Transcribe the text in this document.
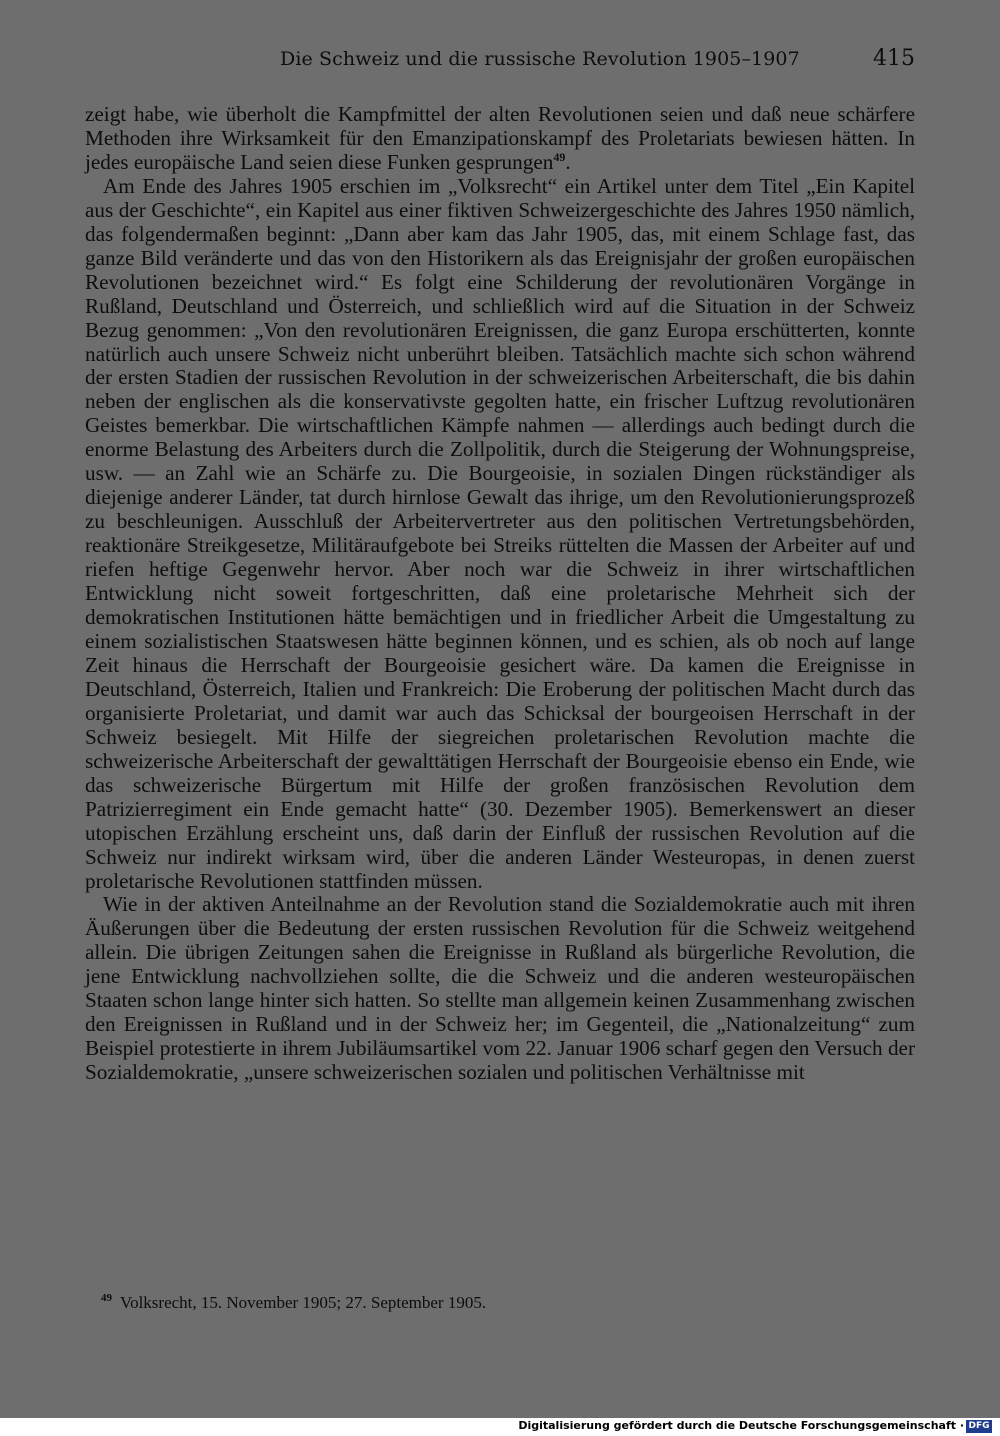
Die Schweiz und die russische Revolution 1905–1907	415

zeigt habe, wie überholt die Kampfmittel der alten Revolutionen seien und daß neue schärfere Methoden ihre Wirksamkeit für den Emanzipationskampf des Proletariats bewiesen hätten. In jedes europäische Land seien diese Funken gesprungen$^{49}$.

Am Ende des Jahres 1905 erschien im „Volksrecht“ ein Artikel unter dem Titel „Ein Kapitel aus der Geschichte“, ein Kapitel aus einer fiktiven Schweizergeschichte des Jahres 1950 nämlich, das folgendermaßen beginnt: „Dann aber kam das Jahr 1905, das, mit einem Schlage fast, das ganze Bild veränderte und das von den Historikern als das Ereignisjahr der großen europäischen Revolutionen bezeichnet wird.“ Es folgt eine Schilderung der revolutionären Vorgänge in Rußland, Deutschland und Österreich, und schließlich wird auf die Situation in der Schweiz Bezug genommen: „Von den revolutionären Ereignissen, die ganz Europa erschütterten, konnte natürlich auch unsere Schweiz nicht unberührt bleiben. Tatsächlich machte sich schon während der ersten Stadien der russischen Revolution in der schweizerischen Arbeiterschaft, die bis dahin neben der englischen als die konservativste gegolten hatte, ein frischer Luftzug revolutionären Geistes bemerkbar. Die wirtschaftlichen Kämpfe nahmen — allerdings auch bedingt durch die enorme Belastung des Arbeiters durch die Zollpolitik, durch die Steigerung der Wohnungspreise, usw. — an Zahl wie an Schärfe zu. Die Bourgeoisie, in sozialen Dingen rückständiger als diejenige anderer Länder, tat durch hirnlose Gewalt das ihrige, um den Revolutionierungsprozeß zu beschleunigen. Ausschluß der Arbeitervertreter aus den politischen Vertretungsbehörden, reaktionäre Streikgesetze, Militäraufgebote bei Streiks rüttelten die Massen der Arbeiter auf und riefen heftige Gegenwehr hervor. Aber noch war die Schweiz in ihrer wirtschaftlichen Entwicklung nicht soweit fortgeschritten, daß eine proletarische Mehrheit sich der demokratischen Institutionen hätte bemächtigen und in friedlicher Arbeit die Umgestaltung zu einem sozialistischen Staatswesen hätte beginnen können, und es schien, als ob noch auf lange Zeit hinaus die Herrschaft der Bourgeoisie gesichert wäre. Da kamen die Ereignisse in Deutschland, Österreich, Italien und Frankreich: Die Eroberung der politischen Macht durch das organisierte Proletariat, und damit war auch das Schicksal der bourgeoisen Herrschaft in der Schweiz besiegelt. Mit Hilfe der siegreichen proletarischen Revolution machte die schweizerische Arbeiterschaft der gewalttätigen Herrschaft der Bourgeoisie ebenso ein Ende, wie das schweizerische Bürgertum mit Hilfe der großen französischen Revolution dem Patrizierregiment ein Ende gemacht hatte“ (30. Dezember 1905). Bemerkenswert an dieser utopischen Erzählung erscheint uns, daß darin der Einfluß der russischen Revolution auf die Schweiz nur indirekt wirksam wird, über die anderen Länder Westeuropas, in denen zuerst proletarische Revolutionen stattfinden müssen.

Wie in der aktiven Anteilnahme an der Revolution stand die Sozialdemokratie auch mit ihren Äußerungen über die Bedeutung der ersten russischen Revolution für die Schweiz weitgehend allein. Die übrigen Zeitungen sahen die Ereignisse in Rußland als bürgerliche Revolution, die jene Entwicklung nachvollziehen sollte, die die Schweiz und die anderen westeuropäischen Staaten schon lange hinter sich hatten. So stellte man allgemein keinen Zusammenhang zwischen den Ereignissen in Rußland und in der Schweiz her; im Gegenteil, die „Nationalzeitung“ zum Beispiel protestierte in ihrem Jubiläumsartikel vom 22. Januar 1906 scharf gegen den Versuch der Sozialdemokratie, „unsere schweizerischen sozialen und politischen Verhältnisse mit

$^{49}$ Volksrecht, 15. November 1905; 27. September 1905.
Digitalisierung gefördert durch die Deutsche Forschungsgemeinschaft · DFG
